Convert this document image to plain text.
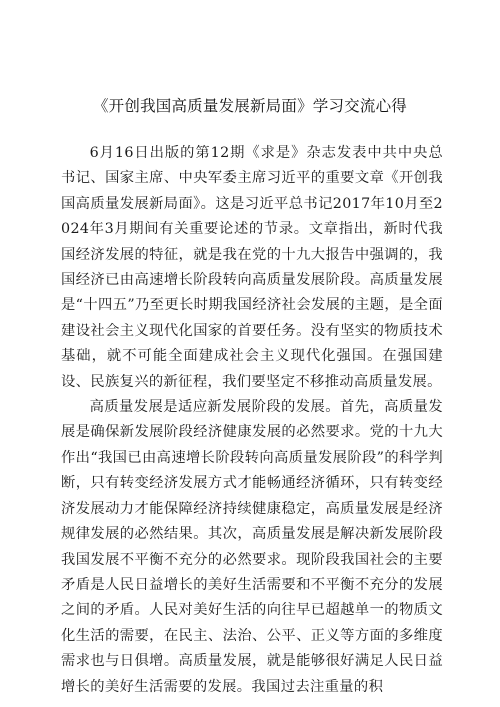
《开创我国高质量发展新局面》学习交流心得

6月16日出版的第12期《求是》杂志发表中共中央总书记、国家主席、中央军委主席习近平的重要文章《开创我国高质量发展新局面》。这是习近平总书记2017年10月至2024年3月期间有关重要论述的节录。文章指出，新时代我国经济发展的特征，就是我在党的十九大报告中强调的，我国经济已由高速增长阶段转向高质量发展阶段。高质量发展是“十四五”乃至更长时期我国经济社会发展的主题，是全面建设社会主义现代化国家的首要任务。没有坚实的物质技术基础，就不可能全面建成社会主义现代化强国。在强国建设、民族复兴的新征程，我们要坚定不移推动高质量发展。

高质量发展是适应新发展阶段的发展。首先，高质量发展是确保新发展阶段经济健康发展的必然要求。党的十九大作出“我国已由高速增长阶段转向高质量发展阶段”的科学判断，只有转变经济发展方式才能畅通经济循环，只有转变经济发展动力才能保障经济持续健康稳定，高质量发展是经济规律发展的必然结果。其次，高质量发展是解决新发展阶段我国发展不平衡不充分的必然要求。现阶段我国社会的主要矛盾是人民日益增长的美好生活需要和不平衡不充分的发展之间的矛盾。人民对美好生活的向往早已超越单一的物质文化生活的需要，在民主、法治、公平、正义等方面的多维度需求也与日俱增。高质量发展，就是能够很好满足人民日益增长的美好生活需要的发展。我国过去注重量的积
